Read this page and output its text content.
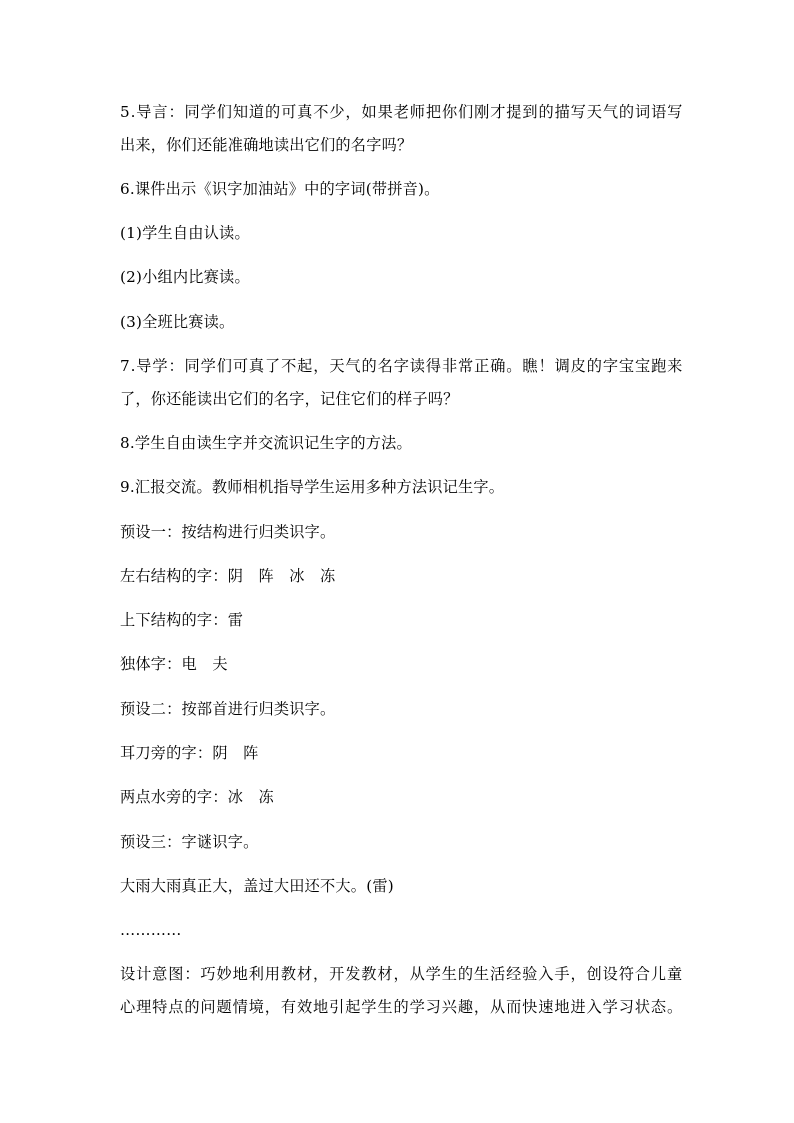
5.导言：同学们知道的可真不少，如果老师把你们刚才提到的描写天气的词语写
出来，你们还能准确地读出它们的名字吗？
6.课件出示《识字加油站》中的字词(带拼音)。
(1)学生自由认读。
(2)小组内比赛读。
(3)全班比赛读。
7.导学：同学们可真了不起，天气的名字读得非常正确。瞧！调皮的字宝宝跑来
了，你还能读出它们的名字，记住它们的样子吗？
8.学生自由读生字并交流识记生字的方法。
9.汇报交流。教师相机指导学生运用多种方法识记生字。
预设一：按结构进行归类识字。
左右结构的字：阴　阵　冰　冻
上下结构的字：雷
独体字：电　夫
预设二：按部首进行归类识字。
耳刀旁的字：阴　阵
两点水旁的字：冰　冻
预设三：字谜识字。
大雨大雨真正大，盖过大田还不大。(雷)
…………
设计意图：巧妙地利用教材，开发教材，从学生的生活经验入手，创设符合儿童
心理特点的问题情境，有效地引起学生的学习兴趣，从而快速地进入学习状态。
